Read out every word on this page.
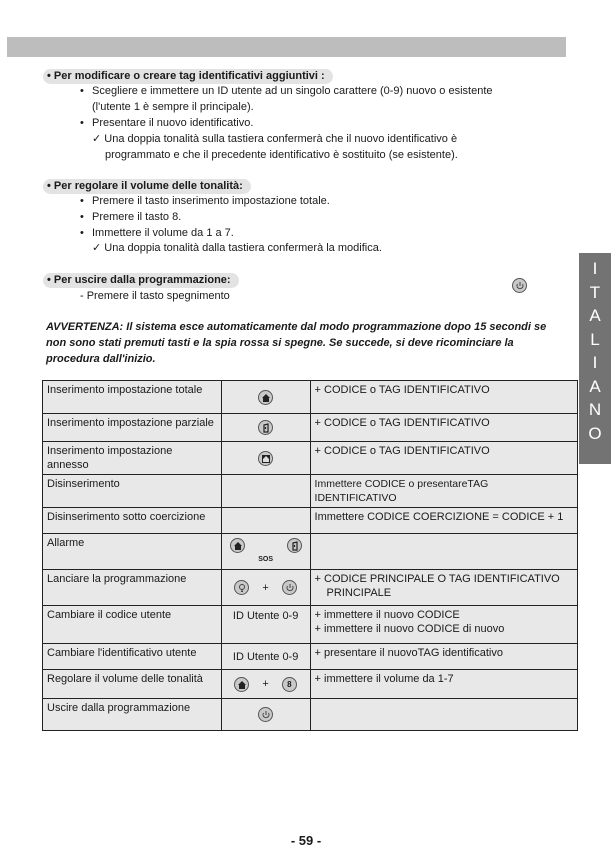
• Per modificare o creare tag identificativi aggiuntivi :
• Scegliere e immettere un ID utente ad un singolo carattere (0-9) nuovo o esistente
(l'utente 1 è sempre il principale).
• Presentare il nuovo identificativo.
✓ Una doppia tonalità sulla tastiera confermerà che il nuovo identificativo è
programmato e che il precedente identificativo è sostituito (se esistente).
• Per regolare il volume delle tonalità:
• Premere il tasto inserimento impostazione totale.
• Premere il tasto 8.
• Immettere il volume da 1 a 7.
✓ Una doppia tonalità dalla tastiera confermerà la modifica.
• Per uscire dalla programmazione:
- Premere il tasto spegnimento
AVVERTENZA: Il sistema esce automaticamente dal modo programmazione dopo 15 secondi se non sono stati premuti tasti e la spia rossa si spegne. Se succede, si deve ricominciare la procedura dall'inizio.
I
T
A
L
I
A
N
O
Inserimento impostazione totale		+ CODICE o TAG IDENTIFICATIVO
Inserimento impostazione parziale		+ CODICE o TAG IDENTIFICATIVO
Inserimento impostazione annesso		+ CODICE o TAG IDENTIFICATIVO
Disinserimento		Immettere CODICE o presentareTAG IDENTIFICATIVO
Disinserimento sotto coercizione		Immettere CODICE COERCIZIONE = CODICE + 1
Allarme	SOS	

Lanciare la programmazione	+	+ CODICE PRINCIPALE O TAG IDENTIFICATIVO
PRINCIPALE

Cambiare il codice utente	ID Utente 0-9	+ immettere il nuovo CODICE
+ immettere il nuovo CODICE di nuovo

Cambiare l'identificativo utente	ID Utente 0-9	+ presentare il nuovoTAG identificativo
Regolare il volume delle tonalità	+ 8	+ immettere il volume da 1-7
Uscire dalla programmazione	

- 59 -
